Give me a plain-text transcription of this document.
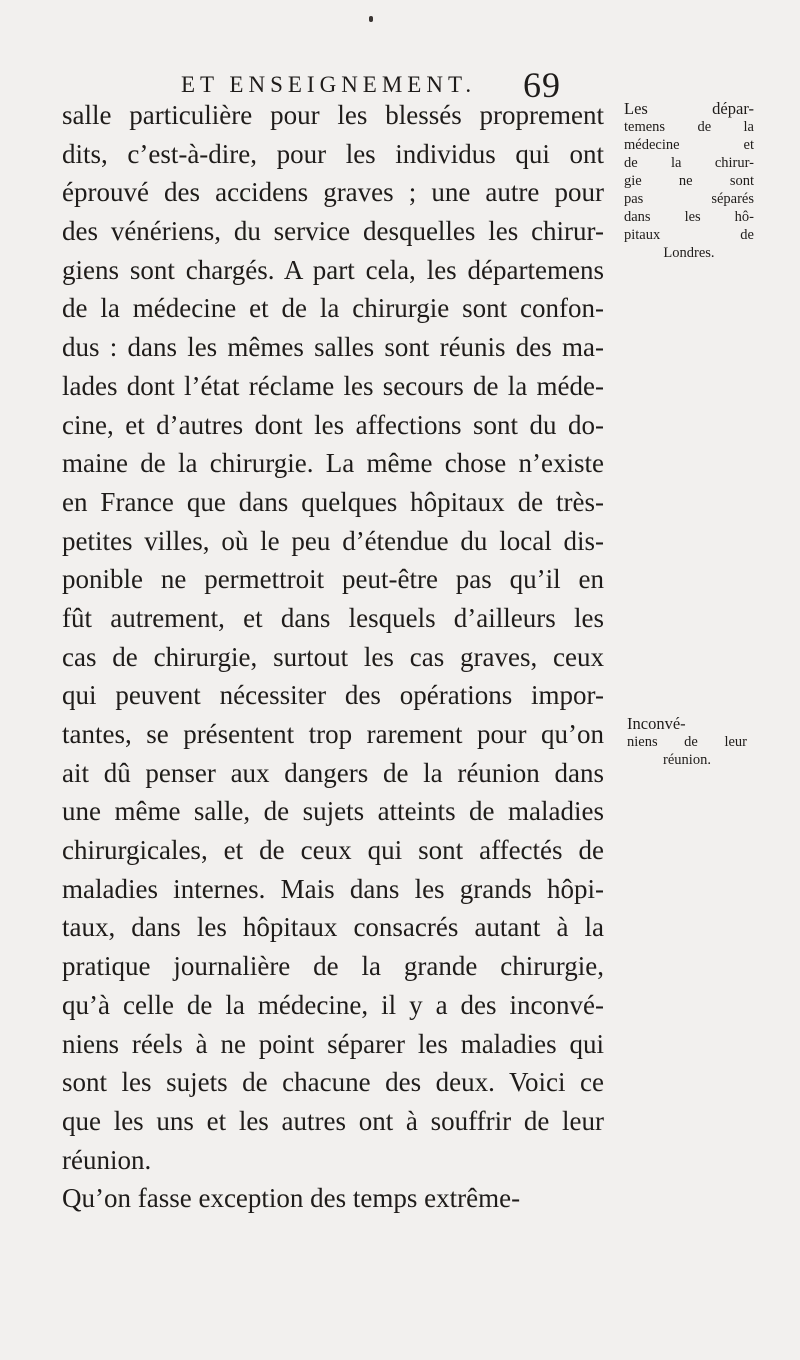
ET ENSEIGNEMENT.	69
salle particulière pour les blessés proprement
dits, c’est-à-dire, pour les individus qui ont
éprouvé des accidens graves ; une autre pour
des vénériens, du service desquelles les chirur-
giens sont chargés. A part cela, les départemens
de la médecine et de la chirurgie sont confon-
dus : dans les mêmes salles sont réunis des ma-
lades dont l’état réclame les secours de la méde-
cine, et d’autres dont les affections sont du do-
maine de la chirurgie. La même chose n’existe
en France que dans quelques hôpitaux de très-
petites villes, où le peu d’étendue du local dis-
ponible ne permettroit peut-être pas qu’il en
fût autrement, et dans lesquels d’ailleurs les
cas de chirurgie, surtout les cas graves, ceux
qui peuvent nécessiter des opérations impor-
tantes, se présentent trop rarement pour qu’on
ait dû penser aux dangers de la réunion dans
une même salle, de sujets atteints de maladies
chirurgicales, et de ceux qui sont affectés de
maladies internes. Mais dans les grands hôpi-
taux, dans les hôpitaux consacrés autant à la
pratique journalière de la grande chirurgie,
qu’à celle de la médecine, il y a des inconvé-
niens réels à ne point séparer les maladies qui
sont les sujets de chacune des deux. Voici ce
que les uns et les autres ont à souffrir de leur
réunion.
Qu’on fasse exception des temps extrême-
Les dépar-
temens de la
médecine et
de la chirur-
gie ne sont
pas séparés
dans les hô-
pitaux de
Londres.
Inconvé-
niens de leur
réunion.
